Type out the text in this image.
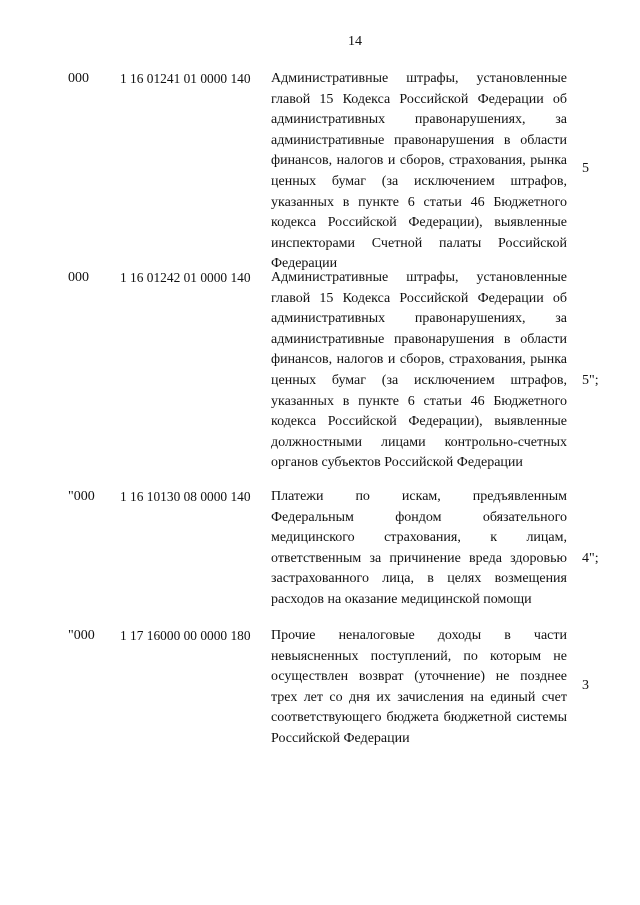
14
000 1 16 01241 01 0000 140 Административные штрафы, установленные главой 15 Кодекса Российской Федерации об административных правонарушениях, за административные правонарушения в области финансов, налогов и сборов, страхования, рынка ценных бумаг (за исключением штрафов, указанных в пункте 6 статьи 46 Бюджетного кодекса Российской Федерации), выявленные инспекторами Счетной палаты Российской Федерации

5
000 1 16 01242 01 0000 140 Административные штрафы, установленные главой 15 Кодекса Российской Федерации об административных правонарушениях, за административные правонарушения в области финансов, налогов и сборов, страхования, рынка ценных бумаг (за исключением штрафов, указанных в пункте 6 статьи 46 Бюджетного кодекса Российской Федерации), выявленные должностными лицами контрольно-счетных органов субъектов Российской Федерации

5";
"000 1 16 10130 08 0000 140 Платежи по искам, предъявленным Федеральным фондом обязательного медицинского страхования, к лицам, ответственным за причинение вреда здоровью застрахованного лица, в целях возмещения расходов на оказание медицинской помощи

4";
"000 1 17 16000 00 0000 180 Прочие неналоговые доходы в части невыясненных поступлений, по которым не осуществлен возврат (уточнение) не позднее трех лет со дня их зачисления на единый счет соответствующего бюджета бюджетной системы Российской Федерации

3
